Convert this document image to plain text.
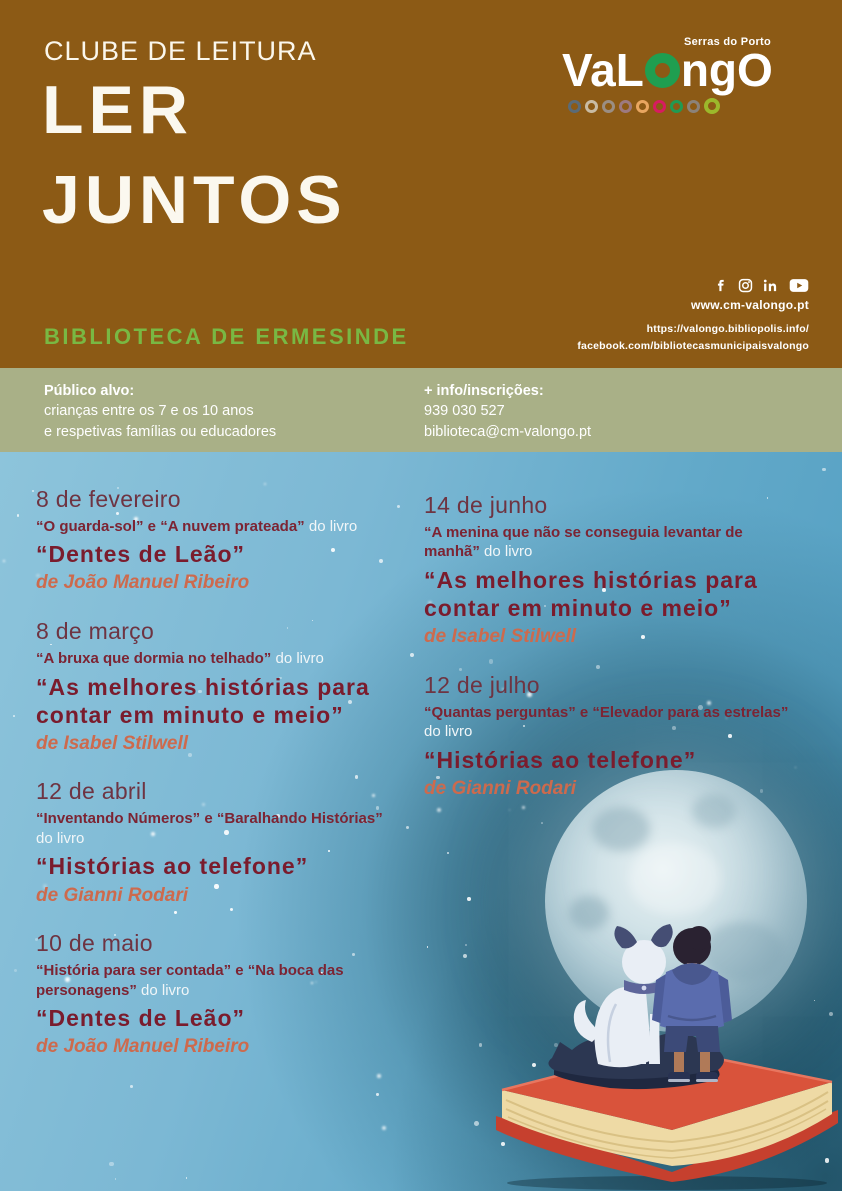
CLUBE DE LEITURA
LER
JUNTOS
Serras do Porto
VaL ngO
www.cm-valongo.pt
https://valongo.bibliopolis.info/
facebook.com/bibliotecasmunicipaisvalongo
BIBLIOTECA DE ERMESINDE
Público alvo:
crianças entre os 7 e os 10 anos
e respetivas famílias ou educadores
+ info/inscrições:
939 030 527
biblioteca@cm-valongo.pt
8 de fevereiro

“O guarda-sol” e “A nuvem prateada” do livro

“Dentes de Leão”
de João Manuel Ribeiro
8 de março

“A bruxa que dormia no telhado” do livro

“As melhores histórias para contar em minuto e meio”
de Isabel Stilwell
12 de abril

“Inventando Números” e “Baralhando Histórias” do livro

“Histórias ao telefone”
de Gianni Rodari
10 de maio

“História para ser contada” e “Na boca das personagens” do livro

“Dentes de Leão”
de João Manuel Ribeiro
14 de junho

“A menina que não se conseguia levantar de manhã” do livro

“As melhores histórias para contar em minuto e meio”
de Isabel Stilwell
12 de julho

“Quantas perguntas” e “Elevador para as estrelas” do livro

“Histórias ao telefone”
de Gianni Rodari
